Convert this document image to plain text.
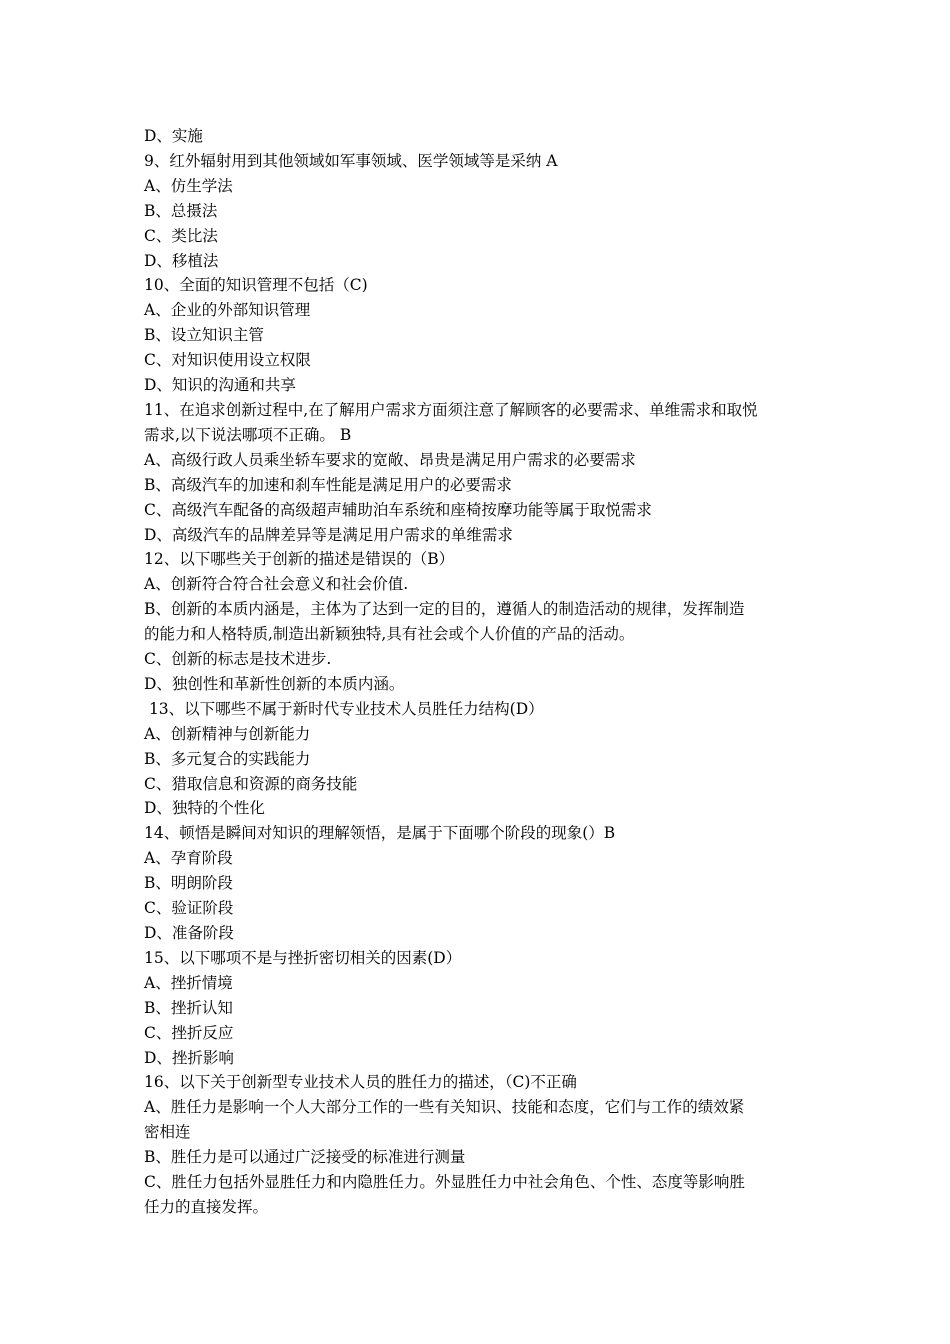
D、实施

9、红外辐射用到其他领域如军事领域、医学领域等是采纳 A

A、仿生学法

B、总摄法

C、类比法

D、移植法

10、全面的知识管理不包括（C)

A、企业的外部知识管理

B、设立知识主管

C、对知识使用设立权限

D、知识的沟通和共享

11、在追求创新过程中,在了解用户需求方面须注意了解顾客的必要需求、单维需求和取悦

需求,以下说法哪项不正确。 B

A、高级行政人员乘坐轿车要求的宽敞、昂贵是满足用户需求的必要需求

B、高级汽车的加速和刹车性能是满足用户的必要需求

C、高级汽车配备的高级超声辅助泊车系统和座椅按摩功能等属于取悦需求

D、高级汽车的品牌差异等是满足用户需求的单维需求

12、以下哪些关于创新的描述是错误的（B）

A、创新符合符合社会意义和社会价值.

B、创新的本质内涵是，主体为了达到一定的目的，遵循人的制造活动的规律，发挥制造

的能力和人格特质,制造出新颖独特,具有社会或个人价值的产品的活动。

C、创新的标志是技术进步.

D、独创性和革新性创新的本质内涵。

13、以下哪些不属于新时代专业技术人员胜任力结构(D）

A、创新精神与创新能力

B、多元复合的实践能力

C、猎取信息和资源的商务技能

D、独特的个性化

14、顿悟是瞬间对知识的理解领悟，是属于下面哪个阶段的现象(）B

A、孕育阶段

B、明朗阶段

C、验证阶段

D、准备阶段

15、以下哪项不是与挫折密切相关的因素(D）

A、挫折情境

B、挫折认知

C、挫折反应

D、挫折影响

16、以下关于创新型专业技术人员的胜任力的描述，（C)不正确

A、胜任力是影响一个人大部分工作的一些有关知识、技能和态度，它们与工作的绩效紧

密相连

B、胜任力是可以通过广泛接受的标准进行测量

C、胜任力包括外显胜任力和内隐胜任力。外显胜任力中社会角色、个性、态度等影响胜

任力的直接发挥。
